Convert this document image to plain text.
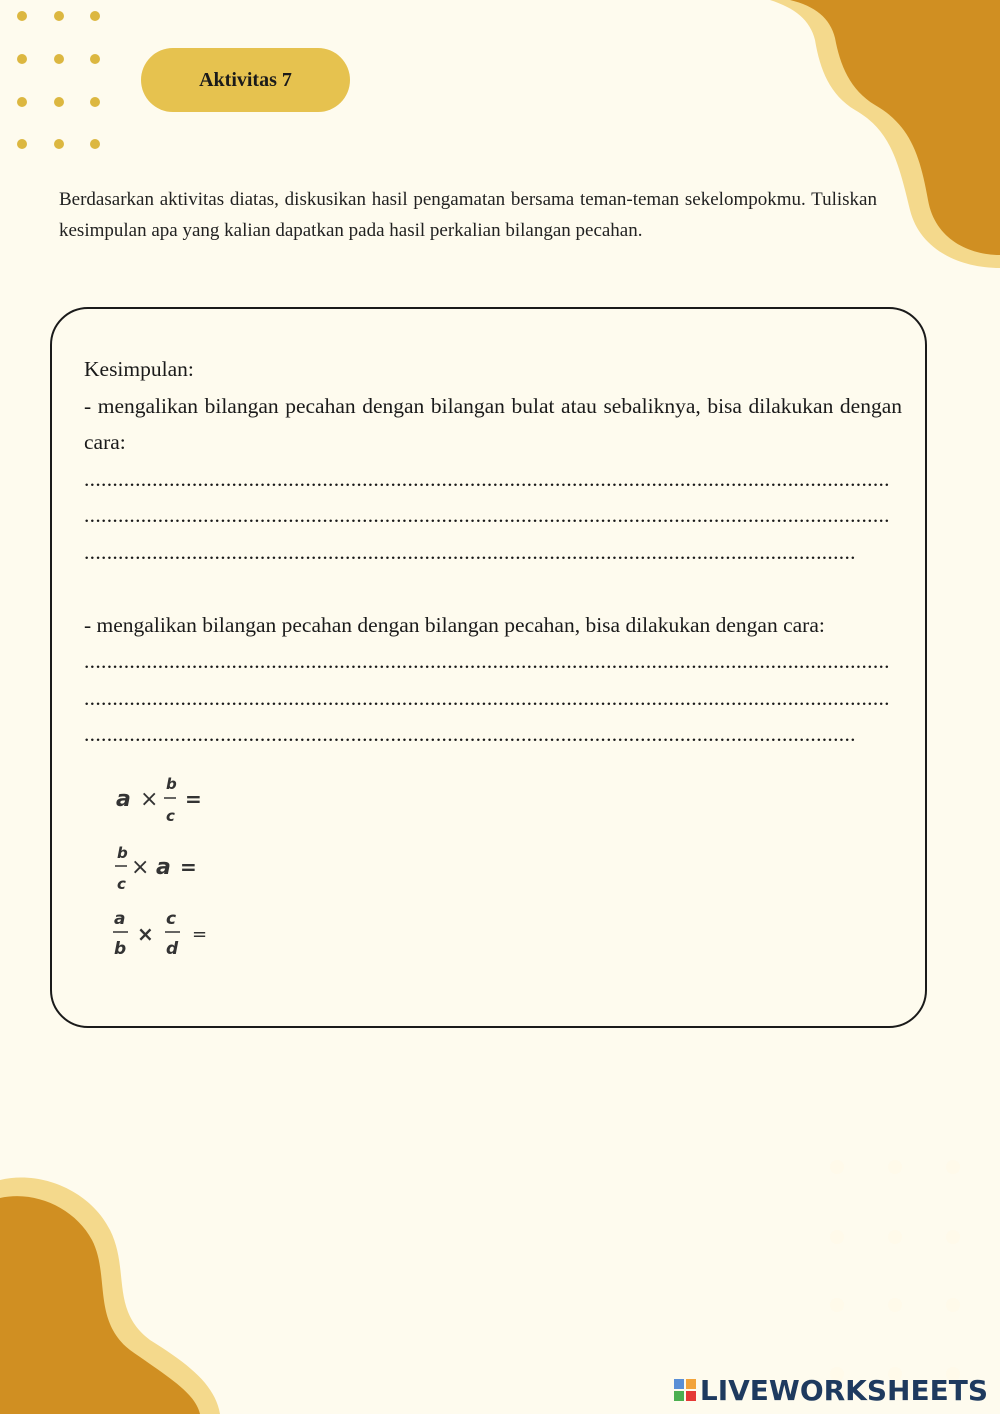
Aktivitas 7

Berdasarkan aktivitas diatas, diskusikan hasil pengamatan bersama teman-teman sekelompokmu. Tuliskan kesimpulan apa yang kalian dapatkan pada hasil perkalian bilangan pecahan.

Kesimpulan:

- mengalikan bilangan pecahan dengan bilangan bulat atau sebaliknya, bisa dilakukan dengan cara:

..............................................................................................................................................

..............................................................................................................................................

........................................................................................................................................

- mengalikan bilangan pecahan dengan bilangan pecahan, bisa dilakukan dengan cara:

..............................................................................................................................................

..............................................................................................................................................

........................................................................................................................................

a ×
b
c
=
b
c
× a =
a
b
×
c
d
=
LIVEWORKSHEETS
